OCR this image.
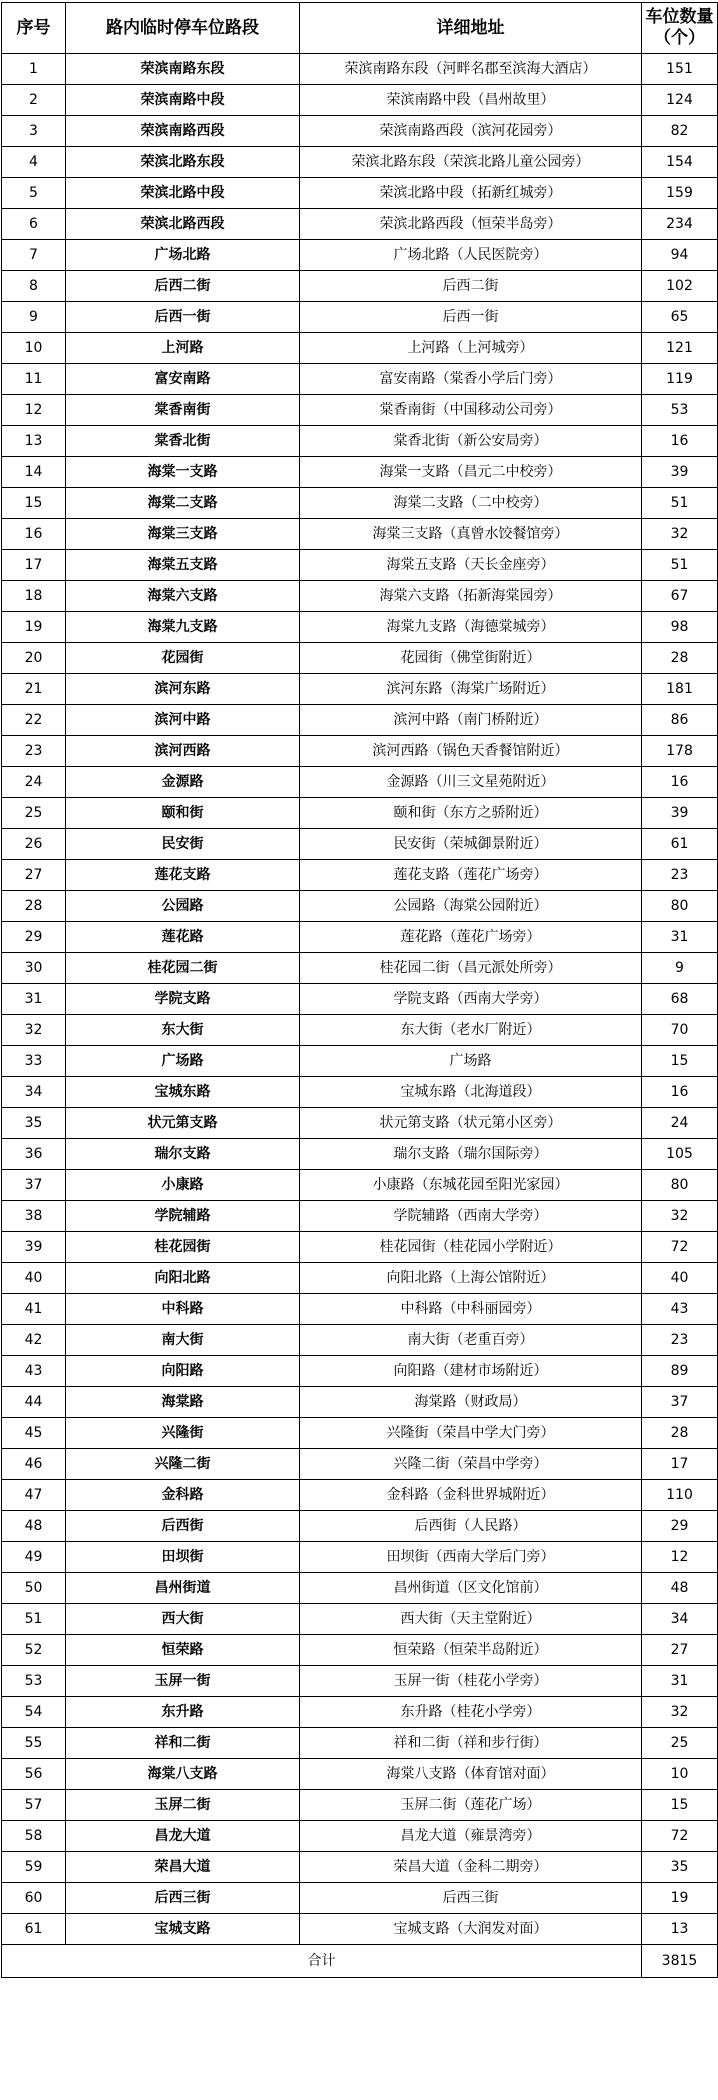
序号	路内临时停车位路段	详细地址	车位数量
（个）
1	荣滨南路东段	荣滨南路东段（河畔名郡至滨海大酒店）	151
2	荣滨南路中段	荣滨南路中段（昌州故里）	124
3	荣滨南路西段	荣滨南路西段（滨河花园旁）	82
4	荣滨北路东段	荣滨北路东段（荣滨北路儿童公园旁）	154
5	荣滨北路中段	荣滨北路中段（拓新红城旁）	159
6	荣滨北路西段	荣滨北路西段（恒荣半岛旁）	234
7	广场北路	广场北路（人民医院旁）	94
8	后西二街	后西二街	102
9	后西一街	后西一街	65
10	上河路	上河路（上河城旁）	121
11	富安南路	富安南路（棠香小学后门旁）	119
12	棠香南街	棠香南街（中国移动公司旁）	53
13	棠香北街	棠香北街（新公安局旁）	16
14	海棠一支路	海棠一支路（昌元二中校旁）	39
15	海棠二支路	海棠二支路（二中校旁）	51
16	海棠三支路	海棠三支路（真曾水饺餐馆旁）	32
17	海棠五支路	海棠五支路（天长金座旁）	51
18	海棠六支路	海棠六支路（拓新海棠园旁）	67
19	海棠九支路	海棠九支路（海德棠城旁）	98
20	花园街	花园街（佛堂街附近）	28
21	滨河东路	滨河东路（海棠广场附近）	181
22	滨河中路	滨河中路（南门桥附近）	86
23	滨河西路	滨河西路（锅色天香餐馆附近）	178
24	金源路	金源路（川三文星苑附近）	16
25	颐和街	颐和街（东方之骄附近）	39
26	民安街	民安街（荣城御景附近）	61
27	莲花支路	莲花支路（莲花广场旁）	23
28	公园路	公园路（海棠公园附近）	80
29	莲花路	莲花路（莲花广场旁）	31
30	桂花园二街	桂花园二街（昌元派处所旁）	9
31	学院支路	学院支路（西南大学旁）	68
32	东大街	东大街（老水厂附近）	70
33	广场路	广场路	15
34	宝城东路	宝城东路（北海道段）	16
35	状元第支路	状元第支路（状元第小区旁）	24
36	瑞尔支路	瑞尔支路（瑞尔国际旁）	105
37	小康路	小康路（东城花园至阳光家园）	80
38	学院辅路	学院辅路（西南大学旁）	32
39	桂花园街	桂花园街（桂花园小学附近）	72
40	向阳北路	向阳北路（上海公馆附近）	40
41	中科路	中科路（中科丽园旁）	43
42	南大街	南大街（老重百旁）	23
43	向阳路	向阳路（建材市场附近）	89
44	海棠路	海棠路（财政局）	37
45	兴隆街	兴隆街（荣昌中学大门旁）	28
46	兴隆二街	兴隆二街（荣昌中学旁）	17
47	金科路	金科路（金科世界城附近）	110
48	后西街	后西街（人民路）	29
49	田坝街	田坝街（西南大学后门旁）	12
50	昌州街道	昌州街道（区文化馆前）	48
51	西大街	西大街（天主堂附近）	34
52	恒荣路	恒荣路（恒荣半岛附近）	27
53	玉屏一街	玉屏一街（桂花小学旁）	31
54	东升路	东升路（桂花小学旁）	32
55	祥和二街	祥和二街（祥和步行街）	25
56	海棠八支路	海棠八支路（体育馆对面）	10
57	玉屏二街	玉屏二街（莲花广场）	15
58	昌龙大道	昌龙大道（雍景湾旁）	72
59	荣昌大道	荣昌大道（金科二期旁）	35
60	后西三街	后西三街	19
61	宝城支路	宝城支路（大润发对面）	13
合计			3815
